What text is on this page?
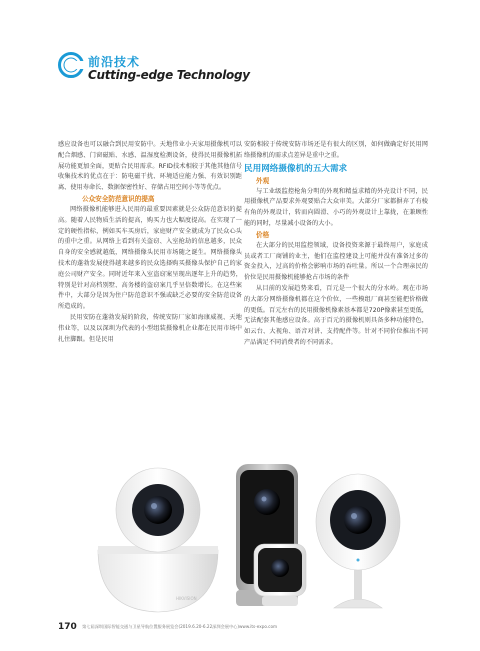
前沿技术
Cutting-edge Technology

感应设备也可以融合到民用安防中。天地伟业小天家用摄像机可以配合烟感、门窗磁贴、水感、温湿度检测设备，使得民用摄像机拓展功能更加全面，更贴合民用需求。RFID技术相较于其他其他信号收集技术的优点在于：防电磁干扰、环境适应能力强、有效识别距离、使用寿命长、数据保密性好、存储占用空间小等等优点。

公众安全防范意识的提高

网络摄像机能够进入民用的最重要因素就是公众防范意识的提高。随着人民物质生活的提高，购买力也大幅度提高。在实现了一定的硬性指标，例如买车买房后，家庭财产安全就成为了民众心头的重中之重。从网络上看到有关盗窃、入室抢劫的信息越多，民众自身的安全感就越低，网络摄像头民用市场随之诞生。网络摄像头技术的蓬勃发展使得越来越多的民众选择购买摄像头保护自己的家庭公司财产安全。同时近年来入室盗窃案呈现出逐年上升的趋势，特别是针对高档别墅、高务楼的盗窃案几乎呈倍数增长。在这些案件中，大部分是因为住户防范意识不强或缺乏必要的安全防范设备所造成的。

民用安防在蓬勃发展的阶段，传统安防厂家如海康威视、天地伟业等，以及以深圳为代表的小型组装摄像机企业都在民用市场中扎住脚跟。但是民用

安防相较于传统安防市场还是有很大的区别，如何做确定好民用网络摄像机的需求点差异是重中之重。

民用网络摄像机的五大需求

外观

与工业级监控枪角分明的外观和精益求精的外壳设计不同，民用摄像机产品要求外观要贴合大众审美。大部分厂家都摒弃了有棱有角的外观设计，转而向圆滑、小巧的外观设计上靠拢，在兼顾性能的同时，尽量减小设备的大小。

价格

在大部分的民用监控领域，设备投资来源于最终用户，家庭成员或者工厂商铺的业主，他们在监控建设上可能并没有准备过多的资金投入，过高的价格会影响市场的吞吐量。所以一个合理亲民的价位是民用摄像机能够抢占市场的条件

从目前的发展趋势来看，百元是一个很大的分水岭。观在市场的大部分网络摄像机都在这个价位，一些模组厂商甚至能把价格做的更低。百元左右的民用摄像机像素基本都是720P像素甚至更低，无法配套其他感应设备。高于百元的摄像机则具备多种功能特色，如云台、大视角、语音对讲、支持配件等。针对不同价位推出不同产品满足不同消费者的不同需求。

HIKVISION
170 第七届深圳国际智能交通与卫星导航位置服务展览会(2019.6.20-6.22深圳会展中心)www.its-expo.com
